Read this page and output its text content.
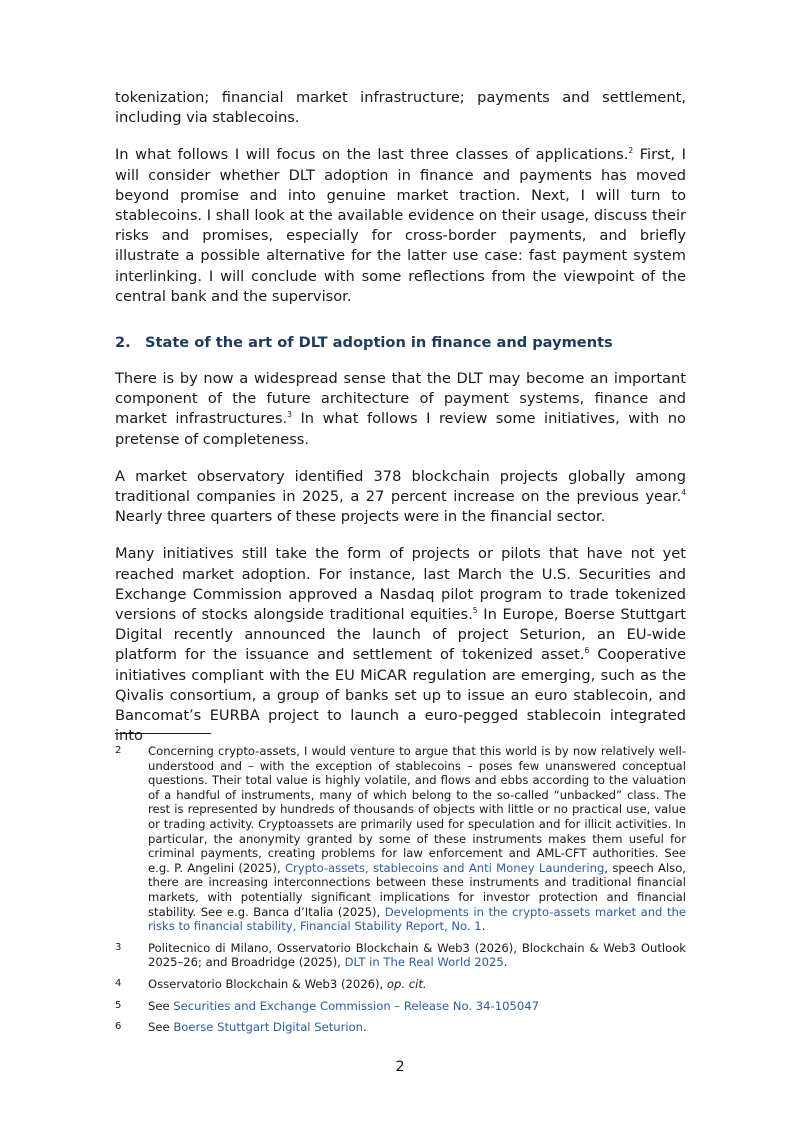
tokenization; financial market infrastructure; payments and settlement, including via stablecoins.

In what follows I will focus on the last three classes of applications.$^2$ First, I will consider whether DLT adoption in finance and payments has moved beyond promise and into genuine market traction. Next, I will turn to stablecoins. I shall look at the available evidence on their usage, discuss their risks and promises, especially for cross-border payments, and briefly illustrate a possible alternative for the latter use case: fast payment system interlinking. I will conclude with some reflections from the viewpoint of the central bank and the supervisor.

2. State of the art of DLT adoption in finance and payments

There is by now a widespread sense that the DLT may become an important component of the future architecture of payment systems, finance and market infrastructures.$^3$ In what follows I review some initiatives, with no pretense of completeness.

A market observatory identified 378 blockchain projects globally among traditional companies in 2025, a 27 percent increase on the previous year.$^4$ Nearly three quarters of these projects were in the financial sector.

Many initiatives still take the form of projects or pilots that have not yet reached market adoption. For instance, last March the U.S. Securities and Exchange Commission approved a Nasdaq pilot program to trade tokenized versions of stocks alongside traditional equities.$^5$ In Europe, Boerse Stuttgart Digital recently announced the launch of project Seturion, an EU-wide platform for the issuance and settlement of tokenized asset.$^6$ Cooperative initiatives compliant with the EU MiCAR regulation are emerging, such as the Qivalis consortium, a group of banks set up to issue an euro stablecoin, and Bancomat’s EURBA project to launch a euro-pegged stablecoin integrated into

2	Concerning crypto-assets, I would venture to argue that this world is by now relatively well-understood and – with the exception of stablecoins – poses few unanswered conceptual questions. Their total value is highly volatile, and flows and ebbs according to the valuation of a handful of instruments, many of which belong to the so-called “unbacked” class. The rest is represented by hundreds of thousands of objects with little or no practical use, value or trading activity. Cryptoassets are primarily used for speculation and for illicit activities. In particular, the anonymity granted by some of these instruments makes them useful for criminal payments, creating problems for law enforcement and AML-CFT authorities. See e.g. P. Angelini (2025), Crypto-assets, stablecoins and Anti Money Laundering, speech Also, there are increasing interconnections between these instruments and traditional financial markets, with potentially significant implications for investor protection and financial stability. See e.g. Banca d’Italia (2025), Developments in the crypto-assets market and the risks to financial stability, Financial Stability Report, No. 1.
3	Politecnico di Milano, Osservatorio Blockchain & Web3 (2026), Blockchain & Web3 Outlook 2025–26; and Broadridge (2025), DLT in The Real World 2025.
4	Osservatorio Blockchain & Web3 (2026), op. cit.
5	See Securities and Exchange Commission – Release No. 34-105047
6	See Boerse Stuttgart Digital Seturion.
2
